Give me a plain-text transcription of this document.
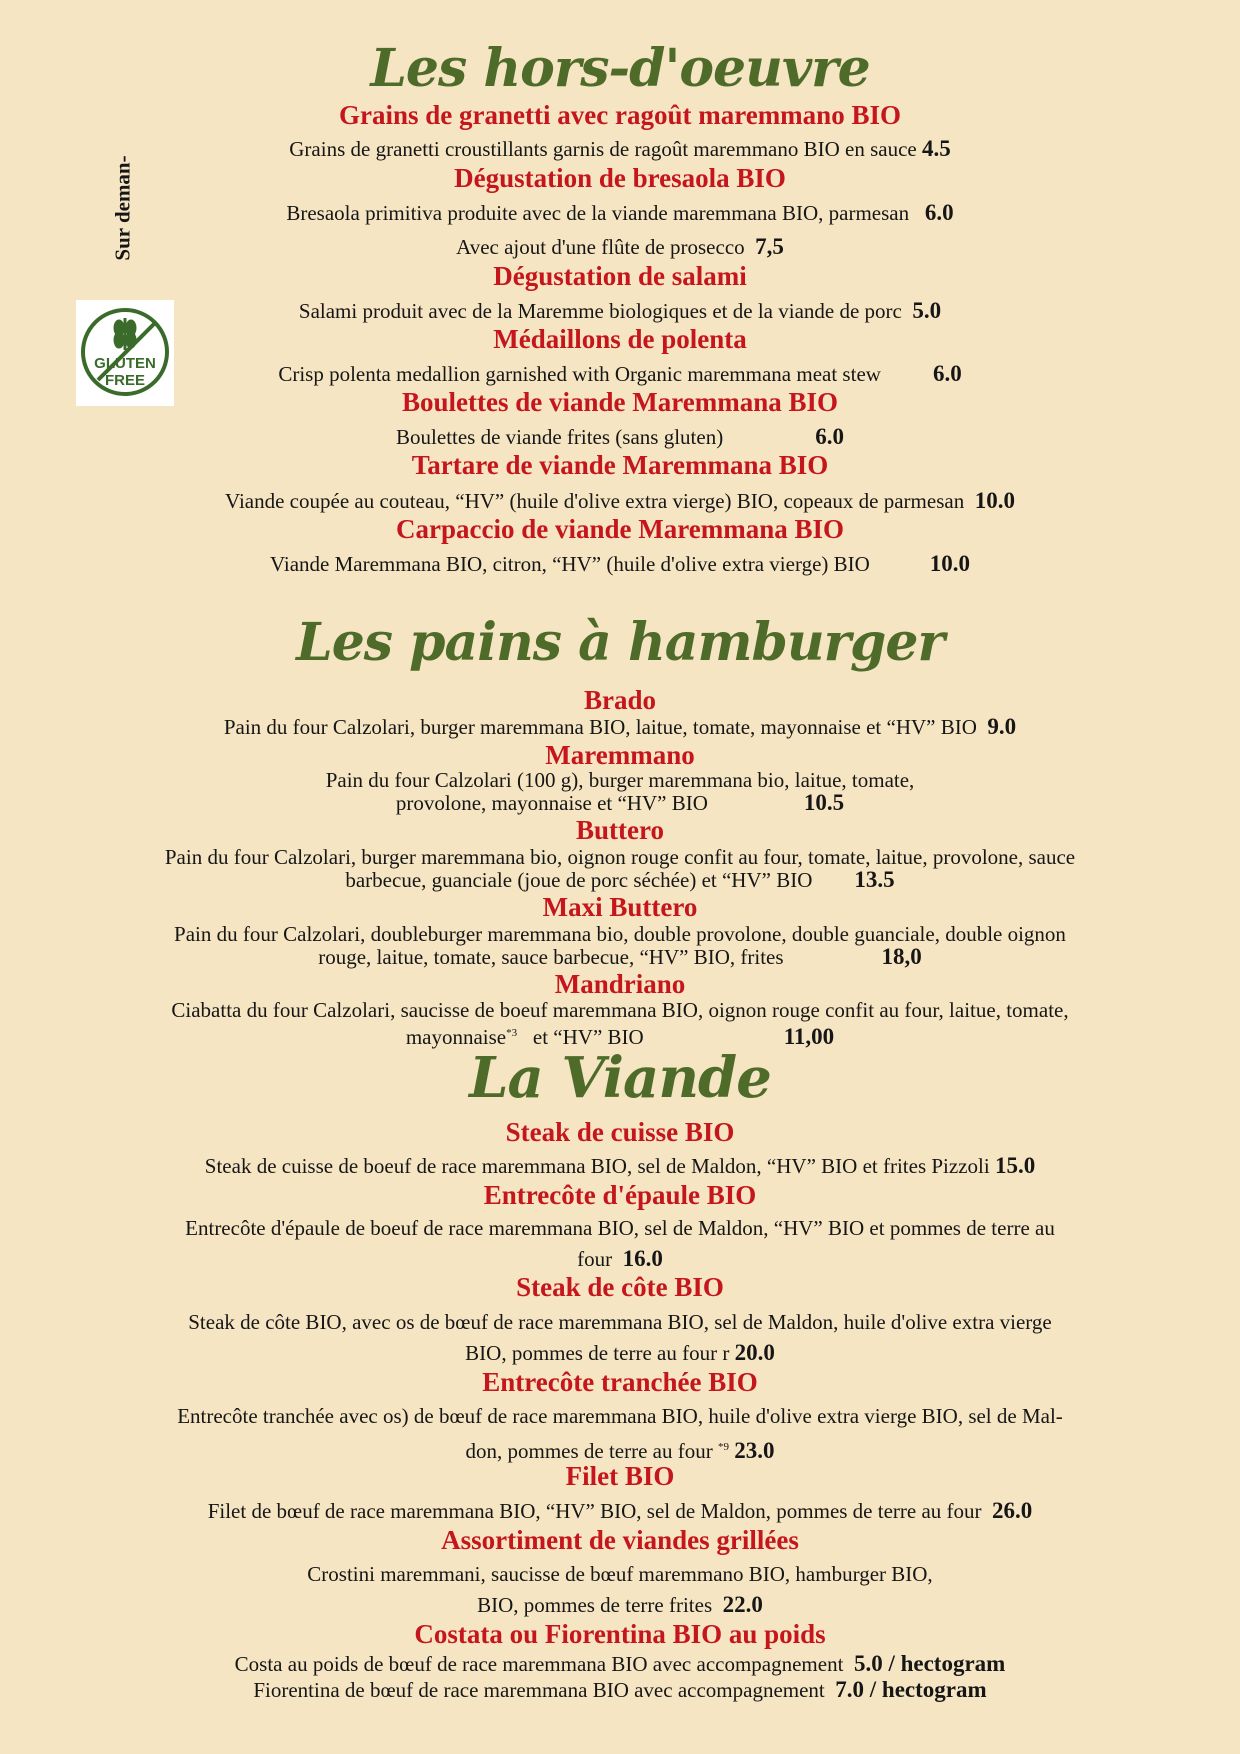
Les hors-d'oeuvre
Les pains à hamburger
La Viande
Sur deman-
GLUTEN
FREE
Grains de granetti avec ragoût maremmano BIO
Grains de granetti croustillants garnis de ragoût maremmano BIO en sauce 4.5
Dégustation de bresaola BIO
Bresaola primitiva produite avec de la viande maremmana BIO, parmesan 6.0
Avec ajout d'une flûte de prosecco 7,5
Dégustation de salami
Salami produit avec de la Maremme biologiques et de la viande de porc 5.0
Médaillons de polenta
Crisp polenta medallion garnished with Organic maremmana meat stew 6.0
Boulettes de viande Maremmana BIO
Boulettes de viande frites (sans gluten)	6.0
Tartare de viande Maremmana BIO
Viande coupée au couteau, “HV” (huile d'olive extra vierge) BIO, copeaux de parmesan 10.0
Carpaccio de viande Maremmana BIO
Viande Maremmana BIO, citron, “HV” (huile d'olive extra vierge) BIO	10.0
Brado
Pain du four Calzolari, burger maremmana BIO, laitue, tomate, mayonnaise et “HV” BIO 9.0
Maremmano
Pain du four Calzolari (100 g), burger maremmana bio, laitue, tomate,
provolone, mayonnaise et “HV” BIO	10.5
Buttero
Pain du four Calzolari, burger maremmana bio, oignon rouge confit au four, tomate, laitue, provolone, sauce
barbecue, guanciale (joue de porc séchée) et “HV” BIO 13.5
Maxi Buttero
Pain du four Calzolari, doubleburger maremmana bio, double provolone, double guanciale, double oignon
rouge, laitue, tomate, sauce barbecue, “HV” BIO, frites	18,0
Mandriano
Ciabatta du four Calzolari, saucisse de boeuf maremmana BIO, oignon rouge confit au four, laitue, tomate,
mayonnaise$^{*3}$ et “HV” BIO	11,00
Steak de cuisse BIO
Steak de cuisse de boeuf de race maremmana BIO, sel de Maldon, “HV” BIO et frites Pizzoli 15.0
Entrecôte d'épaule BIO
Entrecôte d'épaule de boeuf de race maremmana BIO, sel de Maldon, “HV” BIO et pommes de terre au
four 16.0
Steak de côte BIO
Steak de côte BIO, avec os de bœuf de race maremmana BIO, sel de Maldon, huile d'olive extra vierge
BIO, pommes de terre au four r 20.0
Entrecôte tranchée BIO
Entrecôte tranchée avec os) de bœuf de race maremmana BIO, huile d'olive extra vierge BIO, sel de Mal-
don, pommes de terre au four $^{*9}$ 23.0
Filet BIO
Filet de bœuf de race maremmana BIO, “HV” BIO, sel de Maldon, pommes de terre au four 26.0
Assortiment de viandes grillées
Crostini maremmani, saucisse de bœuf maremmano BIO, hamburger BIO,
BIO, pommes de terre frites 22.0
Costata ou Fiorentina BIO au poids
Costa au poids de bœuf de race maremmana BIO avec accompagnement 5.0 / hectogram
Fiorentina de bœuf de race maremmana BIO avec accompagnement 7.0 / hectogram
